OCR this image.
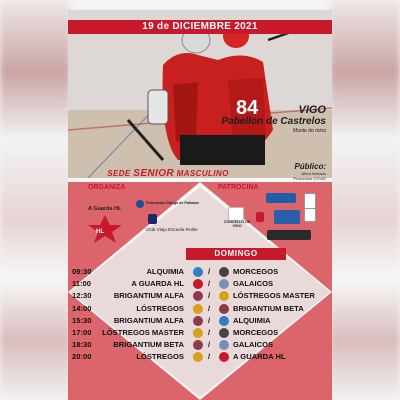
84
19 de DICIEMBRE 2021
VIGO
Pabellon de Castrelos
Monte do mino
Público:
Aforo limitado
Protocolos COVID
SEDE SENIOR MASCULINO
ORGANIZA
A Guarda HL
HL
Federación Galega de Patinaxe
Club Vieja Escuela Roller
PATROCINA
CONCELLO DE VIGO
DOMINGO
09:30	ALQUIMIA	/	MORCEGOS
11:00	A GUARDA HL	/	GALAICOS
12:30	BRIGANTIUM ALFA	/	LÓSTREGOS MASTER
14:00	LÓSTREGOS	/	BRIGANTIUM BETA
15:30	BRIGANTIUM ALFA	/	ALQUIMIA
17:00 LÓSTREGOS MASTER	/	MORCEGOS
18:30	BRIGANTIUM BETA	/	GALAICOS
20:00	LÓSTREGOS	/	A GUARDA HL
